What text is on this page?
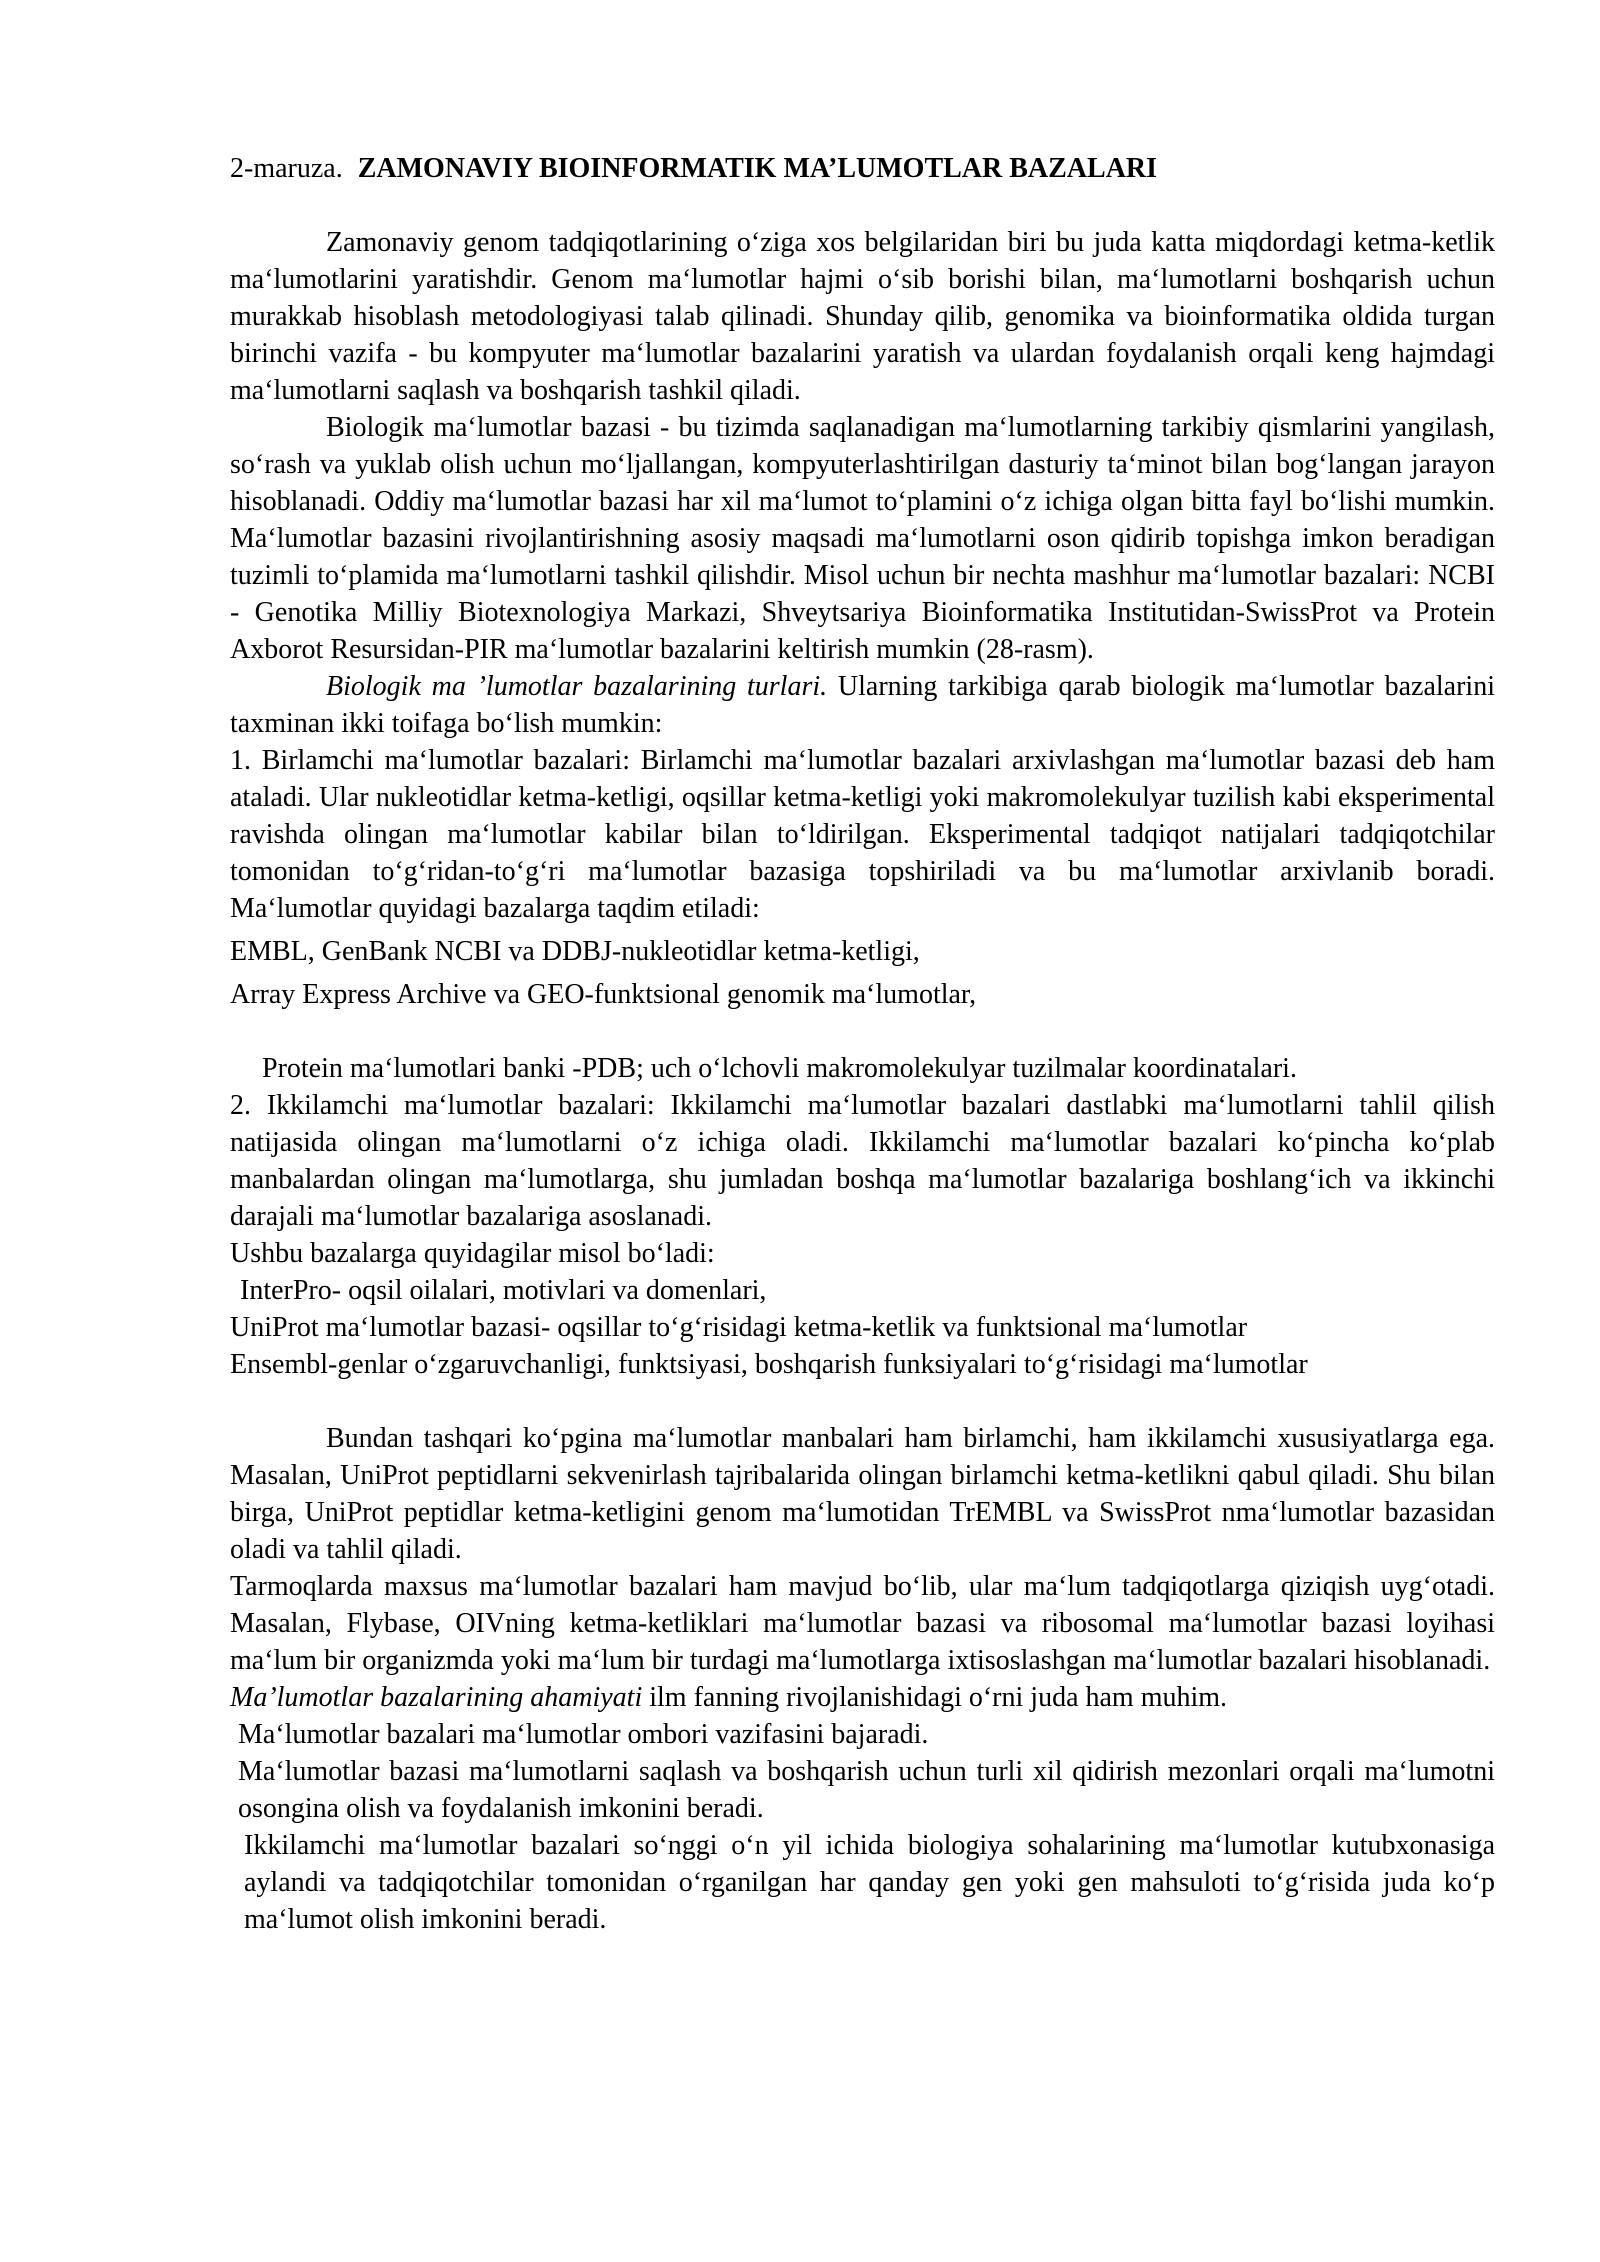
2-maruza. ZAMONAVIY BIOINFORMATIK MA’LUMOTLAR BAZALARI

Zamonaviy genom tadqiqotlarining o‘ziga xos belgilaridan biri bu juda katta miqdordagi ketma-ketlik ma‘lumotlarini yaratishdir. Genom ma‘lumotlar hajmi o‘sib borishi bilan, ma‘lumotlarni boshqarish uchun murakkab hisoblash metodologiyasi talab qilinadi. Shunday qilib, genomika va bioinformatika oldida turgan birinchi vazifa - bu kompyuter ma‘lumotlar bazalarini yaratish va ulardan foydalanish orqali keng hajmdagi ma‘lumotlarni saqlash va boshqarish tashkil qiladi.

Biologik ma‘lumotlar bazasi - bu tizimda saqlanadigan ma‘lumotlarning tarkibiy qismlarini yangilash, so‘rash va yuklab olish uchun mo‘ljallangan, kompyuterlashtirilgan dasturiy ta‘minot bilan bog‘langan jarayon hisoblanadi. Oddiy ma‘lumotlar bazasi har xil ma‘lumot to‘plamini o‘z ichiga olgan bitta fayl bo‘lishi mumkin. Ma‘lumotlar bazasini rivojlantirishning asosiy maqsadi ma‘lumotlarni oson qidirib topishga imkon beradigan tuzimli to‘plamida ma‘lumotlarni tashkil qilishdir. Misol uchun bir nechta mashhur ma‘lumotlar bazalari: NCBI - Genotika Milliy Biotexnologiya Markazi, Shveytsariya Bioinformatika Institutidan-SwissProt va Protein Axborot Resursidan-PIR ma‘lumotlar bazalarini keltirish mumkin (28-rasm).

Biologik ma ’lumotlar bazalarining turlari. Ularning tarkibiga qarab biologik ma‘lumotlar bazalarini taxminan ikki toifaga bo‘lish mumkin:

1. Birlamchi ma‘lumotlar bazalari: Birlamchi ma‘lumotlar bazalari arxivlashgan ma‘lumotlar bazasi deb ham ataladi. Ular nukleotidlar ketma-ketligi, oqsillar ketma-ketligi yoki makromolekulyar tuzilish kabi eksperimental ravishda olingan ma‘lumotlar kabilar bilan to‘ldirilgan. Eksperimental tadqiqot natijalari tadqiqotchilar tomonidan to‘g‘ridan-to‘g‘ri ma‘lumotlar bazasiga topshiriladi va bu ma‘lumotlar arxivlanib boradi. Ma‘lumotlar quyidagi bazalarga taqdim etiladi:

EMBL, GenBank NCBI va DDBJ-nukleotidlar ketma-ketligi,

Array Express Archive va GEO-funktsional genomik ma‘lumotlar,

Protein ma‘lumotlari banki -PDB; uch o‘lchovli makromolekulyar tuzilmalar koordinatalari.

2. Ikkilamchi ma‘lumotlar bazalari: Ikkilamchi ma‘lumotlar bazalari dastlabki ma‘lumotlarni tahlil qilish natijasida olingan ma‘lumotlarni o‘z ichiga oladi. Ikkilamchi ma‘lumotlar bazalari ko‘pincha ko‘plab manbalardan olingan ma‘lumotlarga, shu jumladan boshqa ma‘lumotlar bazalariga boshlang‘ich va ikkinchi darajali ma‘lumotlar bazalariga asoslanadi.

Ushbu bazalarga quyidagilar misol bo‘ladi:

InterPro- oqsil oilalari, motivlari va domenlari,

UniProt ma‘lumotlar bazasi- oqsillar to‘g‘risidagi ketma-ketlik va funktsional ma‘lumotlar

Ensembl-genlar o‘zgaruvchanligi, funktsiyasi, boshqarish funksiyalari to‘g‘risidagi ma‘lumotlar

Bundan tashqari ko‘pgina ma‘lumotlar manbalari ham birlamchi, ham ikkilamchi xususiyatlarga ega. Masalan, UniProt peptidlarni sekvenirlash tajribalarida olingan birlamchi ketma-ketlikni qabul qiladi. Shu bilan birga, UniProt peptidlar ketma-ketligini genom ma‘lumotidan TrEMBL va SwissProt nma‘lumotlar bazasidan oladi va tahlil qiladi.

Tarmoqlarda maxsus ma‘lumotlar bazalari ham mavjud bo‘lib, ular ma‘lum tadqiqotlarga qiziqish uyg‘otadi. Masalan, Flybase, OIVning ketma-ketliklari ma‘lumotlar bazasi va ribosomal ma‘lumotlar bazasi loyihasi ma‘lum bir organizmda yoki ma‘lum bir turdagi ma‘lumotlarga ixtisoslashgan ma‘lumotlar bazalari hisoblanadi.

Ma’lumotlar bazalarining ahamiyati ilm fanning rivojlanishidagi o‘rni juda ham muhim.

Ma‘lumotlar bazalari ma‘lumotlar ombori vazifasini bajaradi.

Ma‘lumotlar bazasi ma‘lumotlarni saqlash va boshqarish uchun turli xil qidirish mezonlari orqali ma‘lumotni osongina olish va foydalanish imkonini beradi.

Ikkilamchi ma‘lumotlar bazalari so‘nggi o‘n yil ichida biologiya sohalarining ma‘lumotlar kutubxonasiga aylandi va tadqiqotchilar tomonidan o‘rganilgan har qanday gen yoki gen mahsuloti to‘g‘risida juda ko‘p ma‘lumot olish imkonini beradi.
